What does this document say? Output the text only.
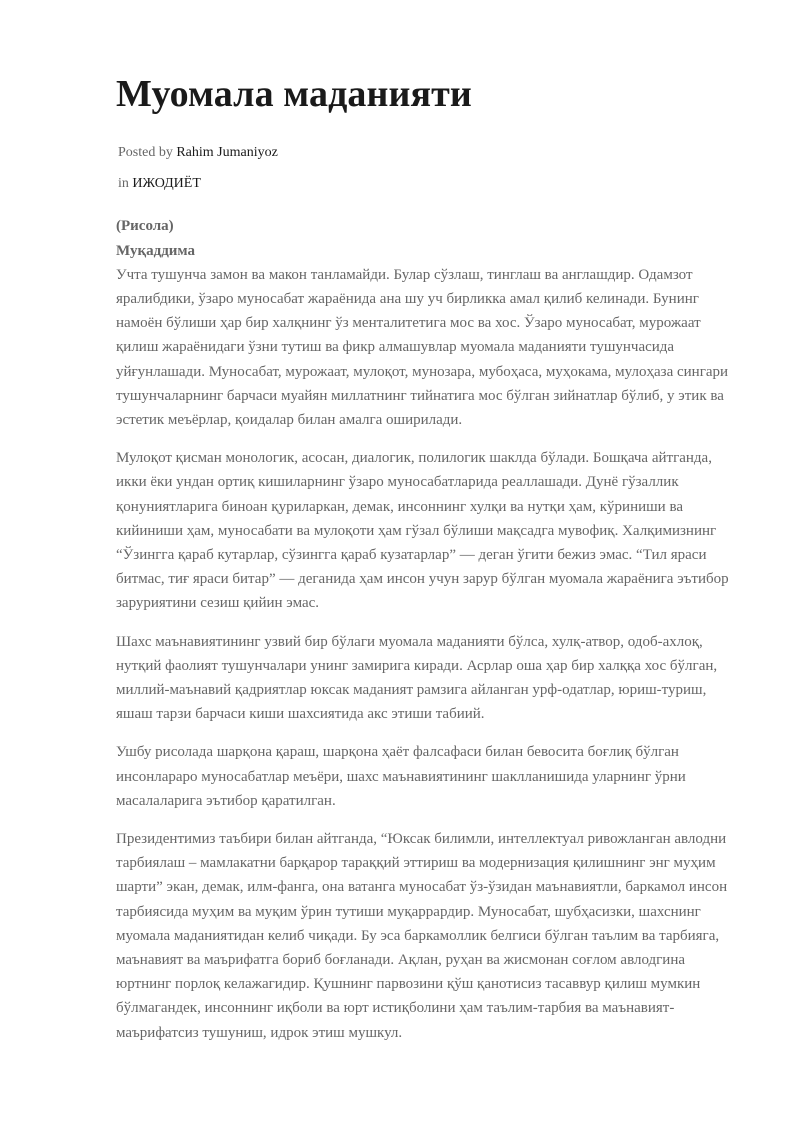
Муомала маданияти
Posted by Rahim Jumaniyoz
in ИЖОДИЁТ

(Рисола)

Муқаддима

Учта тушунча замон ва макон танламайди. Булар сўзлаш, тинглаш ва англашдир. Одамзот яралибдики, ўзаро муносабат жараёнида ана шу уч бирликка амал қилиб келинади. Бунинг намоён бўлиши ҳар бир халқнинг ўз менталитетига мос ва хос. Ўзаро муносабат, мурожаат қилиш жараёнидаги ўзни тутиш ва фикр алмашувлар муомала маданияти тушунчасида уйғунлашади. Муносабат, мурожаат, мулоқот, мунозара, мубоҳаса, муҳокама, мулоҳаза сингари тушунчаларнинг барчаси муайян миллатнинг тийнатига мос бўлган зийнатлар бўлиб, у этик ва эстетик меъёрлар, қоидалар билан амалга оширилади.

Мулоқот қисман монологик, асосан, диалогик, полилогик шаклда бўлади. Бошқача айтганда, икки ёки ундан ортиқ кишиларнинг ўзаро муносабатларида реаллашади. Дунё гўзаллик қонуниятларига биноан қуриларкан, демак, инсоннинг хулқи ва нутқи ҳам, кўриниши ва кийиниши ҳам, муносабати ва мулоқоти ҳам гўзал бўлиши мақсадга мувофиқ. Халқимизнинг “Ўзингга қараб кутарлар, сўзингга қараб кузатарлар” — деган ўгити бежиз эмас. “Тил яраси битмас, тиғ яраси битар” — деганида ҳам инсон учун зарур бўлган муомала жараёнига эътибор заруриятини сезиш қийин эмас.

Шахс маънавиятининг узвий бир бўлаги муомала маданияти бўлса, хулқ-атвор, одоб-ахлоқ, нутқий фаолият тушунчалари унинг замирига киради. Асрлар оша ҳар бир халққа хос бўлган, миллий-маънавий қадриятлар юксак маданият рамзига айланган урф-одатлар, юриш-туриш, яшаш тарзи барчаси киши шахсиятида акс этиши табиий.

Ушбу рисолада шарқона қараш, шарқона ҳаёт фалсафаси билан бевосита боғлиқ бўлган инсонлараро муносабатлар меъёри, шахс маънавиятининг шаклланишида уларнинг ўрни масалаларига эътибор қаратилган.

Президентимиз таъбири билан айтганда, “Юксак билимли, интеллектуал ривожланган авлодни тарбиялаш – мамлакатни барқарор тараққий эттириш ва модернизация қилишнинг энг муҳим шарти” экан, демак, илм-фанга, она ватанга муносабат ўз-ўзидан маънавиятли, баркамол инсон тарбиясида муҳим ва муқим ўрин тутиши муқаррардир. Муносабат, шубҳасизки, шахснинг муомала маданиятидан келиб чиқади. Бу эса баркамоллик белгиси бўлган таълим ва тарбияга, маънавият ва маърифатга бориб боғланади. Ақлан, руҳан ва жисмонан соғлом авлодгина юртнинг порлоқ келажагидир. Қушнинг парвозини қўш қанотисиз тасаввур қилиш мумкин бўлмагандек, инсоннинг иқболи ва юрт истиқболини ҳам таълим-тарбия ва маънавият-маърифатсиз тушуниш, идрок этиш мушкул.
